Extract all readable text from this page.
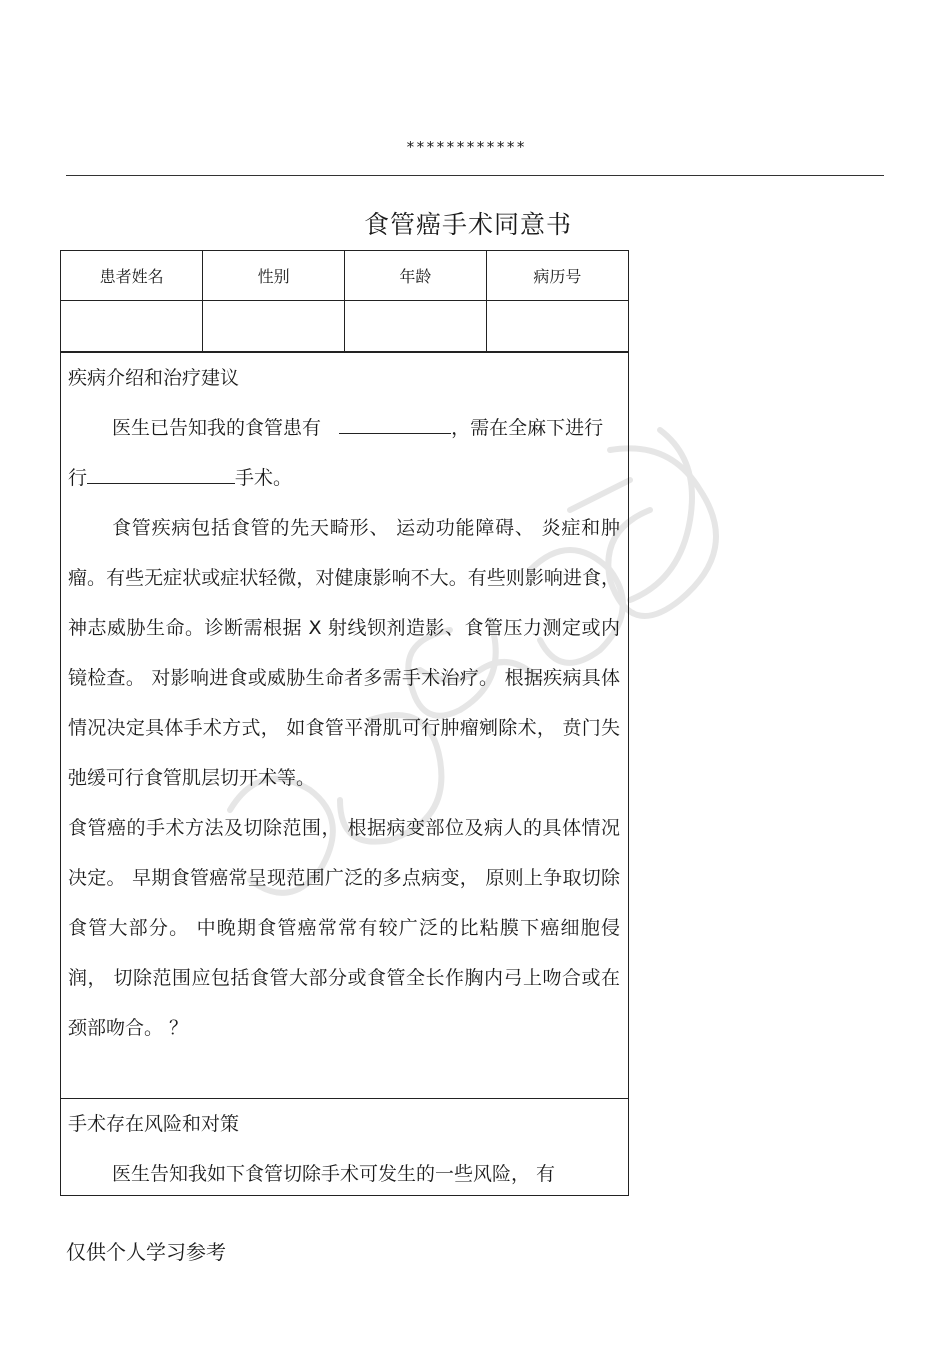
************
食管癌手术同意书
患者姓名	性别	年龄	病历号

疾病介绍和治疗建议

医生已告知我的食管患有	，需在全麻下进行
行	手术。

食管疾病包括食管的先天畸形、 运动功能障碍、 炎症和肿瘤。有些无症状或症状轻微，对健康影响不大。有些则影响进食，神志威胁生命。诊断需根据 X 射线钡剂造影、食管压力测定或内镜检查。 对影响进食或威胁生命者多需手术治疗。 根据疾病具体情况决定具体手术方式， 如食管平滑肌可行肿瘤剜除术， 贲门失弛缓可行食管肌层切开术等。

食管癌的手术方法及切除范围， 根据病变部位及病人的具体情况决定。 早期食管癌常呈现范围广泛的多点病变， 原则上争取切除食管大部分。 中晚期食管癌常常有较广泛的比粘膜下癌细胞侵润， 切除范围应包括食管大部分或食管全长作胸内弓上吻合或在颈部吻合。 ？

手术存在风险和对策

医生告知我如下食管切除手术可发生的一些风险， 有

仅供个人学习参考
